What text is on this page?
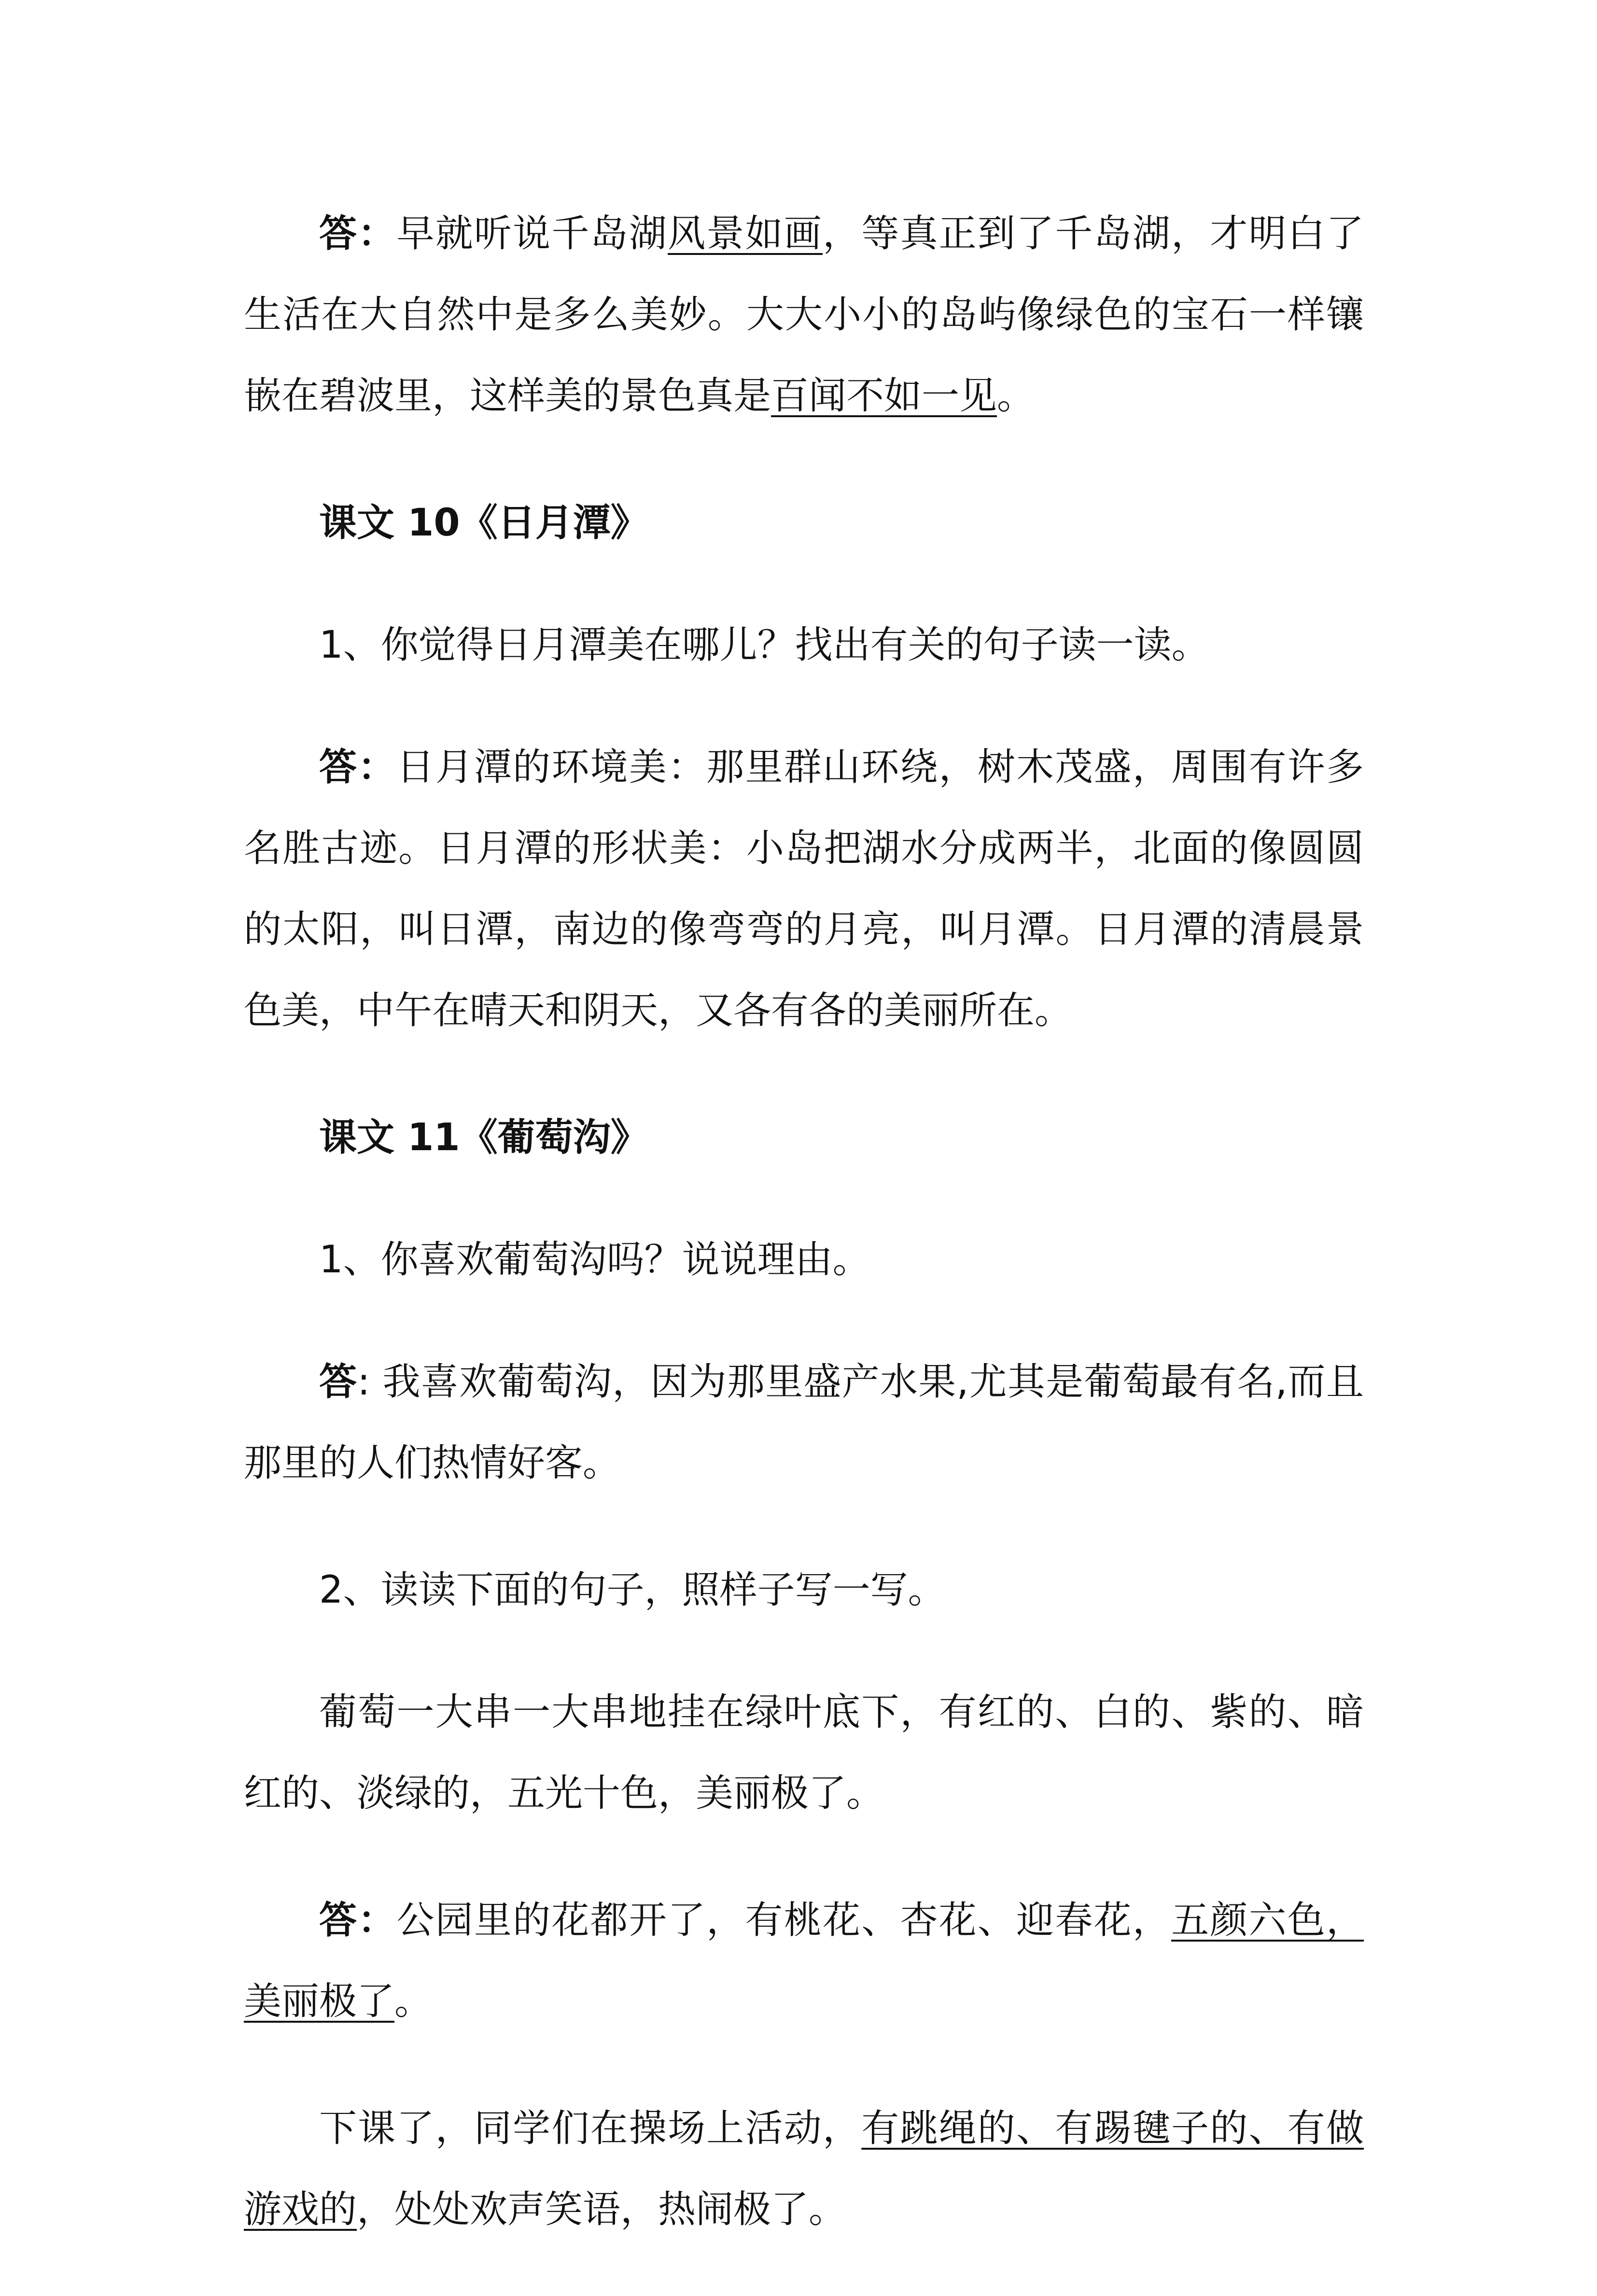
答：早就听说千岛湖风景如画，等真正到了千岛湖，才明白了生活在大自然中是多么美妙。大大小小的岛屿像绿色的宝石一样镶嵌在碧波里，这样美的景色真是百闻不如一见。

课文 10《日月潭》

1、你觉得日月潭美在哪儿？找出有关的句子读一读。

答：日月潭的环境美：那里群山环绕，树木茂盛，周围有许多名胜古迹。日月潭的形状美：小岛把湖水分成两半，北面的像圆圆的太阳，叫日潭，南边的像弯弯的月亮，叫月潭。日月潭的清晨景色美，中午在晴天和阴天，又各有各的美丽所在。

课文 11《葡萄沟》

1、你喜欢葡萄沟吗？说说理由。

答: 我喜欢葡萄沟，因为那里盛产水果,尤其是葡萄最有名,而且那里的人们热情好客。

2、读读下面的句子，照样子写一写。

葡萄一大串一大串地挂在绿叶底下，有红的、白的、紫的、暗红的、淡绿的，五光十色，美丽极了。

答：公园里的花都开了，有桃花、杏花、迎春花，五颜六色，美丽极了。

下课了，同学们在操场上活动，有跳绳的、有踢毽子的、有做游戏的，处处欢声笑语，热闹极了。
